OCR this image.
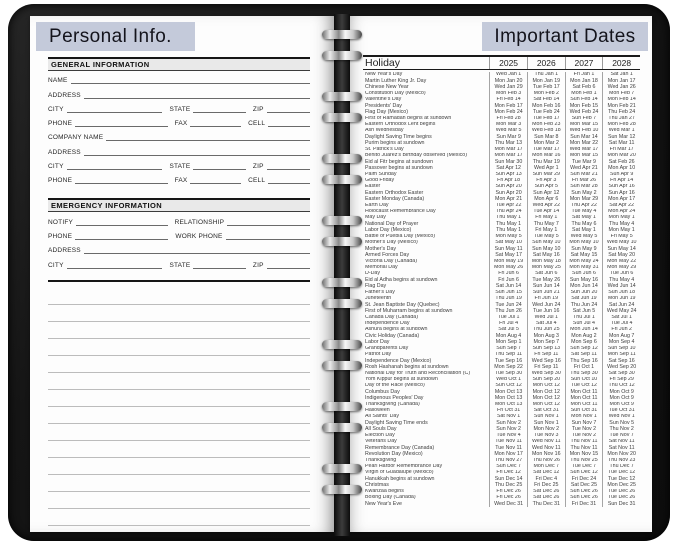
Personal Info.
GENERAL INFORMATION
NAME
ADDRESS
CITY	STATE	ZIP
PHONE	FAX	CELL
COMPANY NAME
ADDRESS
CITY	STATE	ZIP
PHONE	FAX	CELL
EMERGENCY INFORMATION
NOTIFY	RELATIONSHIP
PHONE	WORK PHONE
ADDRESS
CITY	STATE	ZIP
Important Dates
Holiday	2025	2026	2027	2028
New Year's Day	Wed Jan 1	Thu Jan 1	Fri Jan 1	Sat Jan 1
Martin Luther King Jr. Day	Mon Jan 20	Mon Jan 19	Mon Jan 18	Mon Jan 17
Chinese New Year	Wed Jan 29	Tue Feb 17	Sat Feb 6	Wed Jan 26
Constitution Day (Mexico)	Mon Feb 3	Mon Feb 2	Mon Feb 1	Mon Feb 7
Valentine's Day	Fri Feb 14	Sat Feb 14	Sun Feb 14	Mon Feb 14
Presidents' Day	Mon Feb 17	Mon Feb 16	Mon Feb 15	Mon Feb 21
Flag Day (Mexico)	Mon Feb 24	Tue Feb 24	Wed Feb 24	Thu Feb 24
First of Ramadan begins at sundown	Fri Feb 28	Tue Feb 17	Sun Feb 7	Thu Jan 27
Eastern Orthodox Lent begins	Mon Mar 3	Mon Feb 23	Mon Mar 15	Mon Feb 28
Ash Wednesday	Wed Mar 5	Wed Feb 18	Wed Feb 10	Wed Mar 1
Daylight Saving Time begins	Sun Mar 9	Sun Mar 8	Sun Mar 14	Sun Mar 12
Purim begins at sundown	Thu Mar 13	Mon Mar 2	Mon Mar 22	Sat Mar 11
St. Patrick's Day	Mon Mar 17	Tue Mar 17	Wed Mar 17	Fri Mar 17
Benito Juarez's Birthday observed (Mexico)	Mon Mar 17	Mon Mar 16	Mon Mar 15	Mon Mar 20
Eid al Fitr begins at sundown	Sun Mar 30	Thu Mar 19	Tue Mar 9	Sat Feb 26
Passover begins at sundown	Sat Apr 12	Wed Apr 1	Wed Apr 21	Mon Apr 10
Palm Sunday	Sun Apr 13	Sun Mar 29	Sun Mar 21	Sun Apr 9
Good Friday	Fri Apr 18	Fri Apr 3	Fri Mar 26	Fri Apr 14
Easter	Sun Apr 20	Sun Apr 5	Sun Mar 28	Sun Apr 16
Eastern Orthodox Easter	Sun Apr 20	Sun Apr 12	Sun May 2	Sun Apr 16
Easter Monday (Canada)	Mon Apr 21	Mon Apr 6	Mon Mar 29	Mon Apr 17
Earth Day	Tue Apr 22	Wed Apr 22	Thu Apr 22	Sat Apr 22
Holocaust Remembrance Day	Thu Apr 24	Tue Apr 14	Tue May 4	Mon Apr 24
May Day	Thu May 1	Fri May 1	Sat May 1	Mon May 1
National Day of Prayer	Thu May 1	Thu May 7	Thu May 6	Thu May 4
Labor Day (Mexico)	Thu May 1	Fri May 1	Sat May 1	Mon May 1
Battle of Puebla Day (Mexico)	Mon May 5	Tue May 5	Wed May 5	Fri May 5
Mother's Day (Mexico)	Sat May 10	Sun May 10	Mon May 10	Wed May 10
Mother's Day	Sun May 11	Sun May 10	Sun May 9	Sun May 14
Armed Forces Day	Sat May 17	Sat May 16	Sat May 15	Sat May 20
Victoria Day (Canada)	Mon May 19	Mon May 18	Mon May 24	Mon May 22
Memorial Day	Mon May 26	Mon May 25	Mon May 31	Mon May 29
D-Day	Fri Jun 6	Sat Jun 6	Sun Jun 6	Tue Jun 6
Eid al Adha begins at sundown	Fri Jun 6	Tue May 26	Sun May 16	Thu May 4
Flag Day	Sat Jun 14	Sun Jun 14	Mon Jun 14	Wed Jun 14
Father's Day	Sun Jun 15	Sun Jun 21	Sun Jun 20	Sun Jun 18
Juneteenth	Thu Jun 19	Fri Jun 19	Sat Jun 19	Mon Jun 19
St. Jean Baptiste Day (Quebec)	Tue Jun 24	Wed Jun 24	Thu Jun 24	Sat Jun 24
First of Muharram begins at sundown	Thu Jun 26	Tue Jun 16	Sat Jun 5	Wed May 24
Canada Day (Canada)	Tue Jul 1	Wed Jul 1	Thu Jul 1	Sat Jul 1
Independence Day	Fri Jul 4	Sat Jul 4	Sun Jul 4	Tue Jul 4
Ashura begins at sundown	Sat Jul 5	Thu Jun 25	Mon Jun 14	Fri Jun 2
Civic Holiday (Canada)	Mon Aug 4	Mon Aug 3	Mon Aug 2	Mon Aug 7
Labor Day	Mon Sep 1	Mon Sep 7	Mon Sep 6	Mon Sep 4
Grandparents Day	Sun Sep 7	Sun Sep 13	Sun Sep 12	Sun Sep 10
Patriot Day	Thu Sep 11	Fri Sep 11	Sat Sep 11	Mon Sep 11
Independence Day (Mexico)	Tue Sep 16	Wed Sep 16	Thu Sep 16	Sat Sep 16
Rosh Hashanah begins at sundown	Mon Sep 22	Fri Sep 11	Fri Oct 1	Wed Sep 20
National Day for Truth and Reconciliation (C)	Tue Sep 30	Wed Sep 30	Thu Sep 30	Sat Sep 30
Yom Kippur begins at sundown	Wed Oct 1	Sun Sep 20	Sun Oct 10	Fri Sep 29
Day of the Race (Mexico)	Sun Oct 12	Mon Oct 12	Tue Oct 12	Thu Oct 12
Columbus Day	Mon Oct 13	Mon Oct 12	Mon Oct 11	Mon Oct 9
Indigenous Peoples' Day	Mon Oct 13	Mon Oct 12	Mon Oct 11	Mon Oct 9
Thanksgiving (Canada)	Mon Oct 13	Mon Oct 12	Mon Oct 11	Mon Oct 9
Halloween	Fri Oct 31	Sat Oct 31	Sun Oct 31	Tue Oct 31
All Saints' Day	Sat Nov 1	Sun Nov 1	Mon Nov 1	Wed Nov 1
Daylight Saving Time ends	Sun Nov 2	Sun Nov 1	Sun Nov 7	Sun Nov 5
All Souls Day	Sun Nov 2	Mon Nov 2	Tue Nov 2	Thu Nov 2
Election Day	Tue Nov 4	Tue Nov 3	Tue Nov 2	Tue Nov 7
Veterans Day	Tue Nov 11	Wed Nov 11	Thu Nov 11	Sat Nov 11
Remembrance Day (Canada)	Tue Nov 11	Wed Nov 11	Thu Nov 11	Sat Nov 11
Revolution Day (Mexico)	Mon Nov 17	Mon Nov 16	Mon Nov 15	Mon Nov 20
Thanksgiving	Thu Nov 27	Thu Nov 26	Thu Nov 25	Thu Nov 23
Pearl Harbor Remembrance Day	Sun Dec 7	Mon Dec 7	Tue Dec 7	Thu Dec 7
Virgin of Guadalupe (Mexico)	Fri Dec 12	Sat Dec 12	Sun Dec 12	Tue Dec 12
Hanukkah begins at sundown	Sun Dec 14	Fri Dec 4	Fri Dec 24	Tue Dec 12
Christmas	Thu Dec 25	Fri Dec 25	Sat Dec 25	Mon Dec 25
Kwanzaa begins	Fri Dec 26	Sat Dec 26	Sun Dec 26	Tue Dec 26
Boxing Day (Canada)	Fri Dec 26	Sat Dec 26	Sun Dec 26	Tue Dec 26
New Year's Eve	Wed Dec 31	Thu Dec 31	Fri Dec 31	Sun Dec 31
